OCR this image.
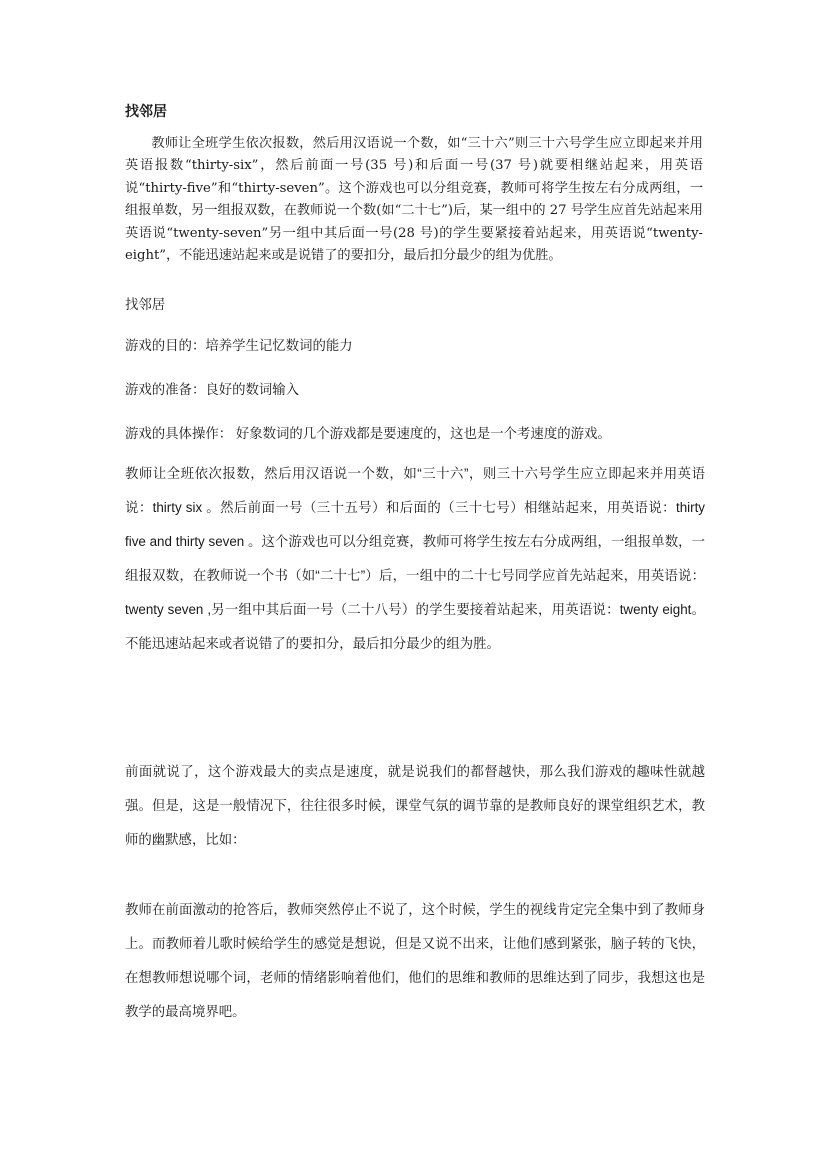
找邻居

教师让全班学生依次报数，然后用汉语说一个数，如“三十六”则三十六号学生应立即起来并用英语报数“thirty-six”，然后前面一号(35 号)和后面一号(37 号)就要相继站起来，用英语说“thirty-five”和“thirty-seven”。这个游戏也可以分组竞赛，教师可将学生按左右分成两组，一组报单数，另一组报双数，在教师说一个数(如“二十七”)后，某一组中的 27 号学生应首先站起来用英语说“twenty-seven”另一组中其后面一号(28 号)的学生要紧接着站起来，用英语说“twenty-eight”，不能迅速站起来或是说错了的要扣分，最后扣分最少的组为优胜。

找邻居

游戏的目的：培养学生记忆数词的能力

游戏的准备：良好的数词输入

游戏的具体操作： 好象数词的几个游戏都是要速度的，这也是一个考速度的游戏。

教师让全班依次报数，然后用汉语说一个数，如“三十六”，则三十六号学生应立即起来并用英语说：thirty six 。然后前面一号（三十五号）和后面的（三十七号）相继站起来，用英语说：thirty five and thirty seven 。这个游戏也可以分组竞赛，教师可将学生按左右分成两组，一组报单数，一组报双数，在教师说一个书（如“二十七”）后，一组中的二十七号同学应首先站起来，用英语说：twenty seven ,另一组中其后面一号（二十八号）的学生要接着站起来，用英语说：twenty eight。不能迅速站起来或者说错了的要扣分，最后扣分最少的组为胜。

前面就说了，这个游戏最大的卖点是速度，就是说我们的都督越快，那么我们游戏的趣味性就越强。但是，这是一般情况下，往往很多时候，课堂气氛的调节靠的是教师良好的课堂组织艺术，教师的幽默感，比如：

教师在前面激动的抢答后，教师突然停止不说了，这个时候，学生的视线肯定完全集中到了教师身上。而教师着儿歌时候给学生的感觉是想说，但是又说不出来，让他们感到紧张，脑子转的飞快，在想教师想说哪个词，老师的情绪影响着他们，他们的思维和教师的思维达到了同步，我想这也是教学的最高境界吧。
